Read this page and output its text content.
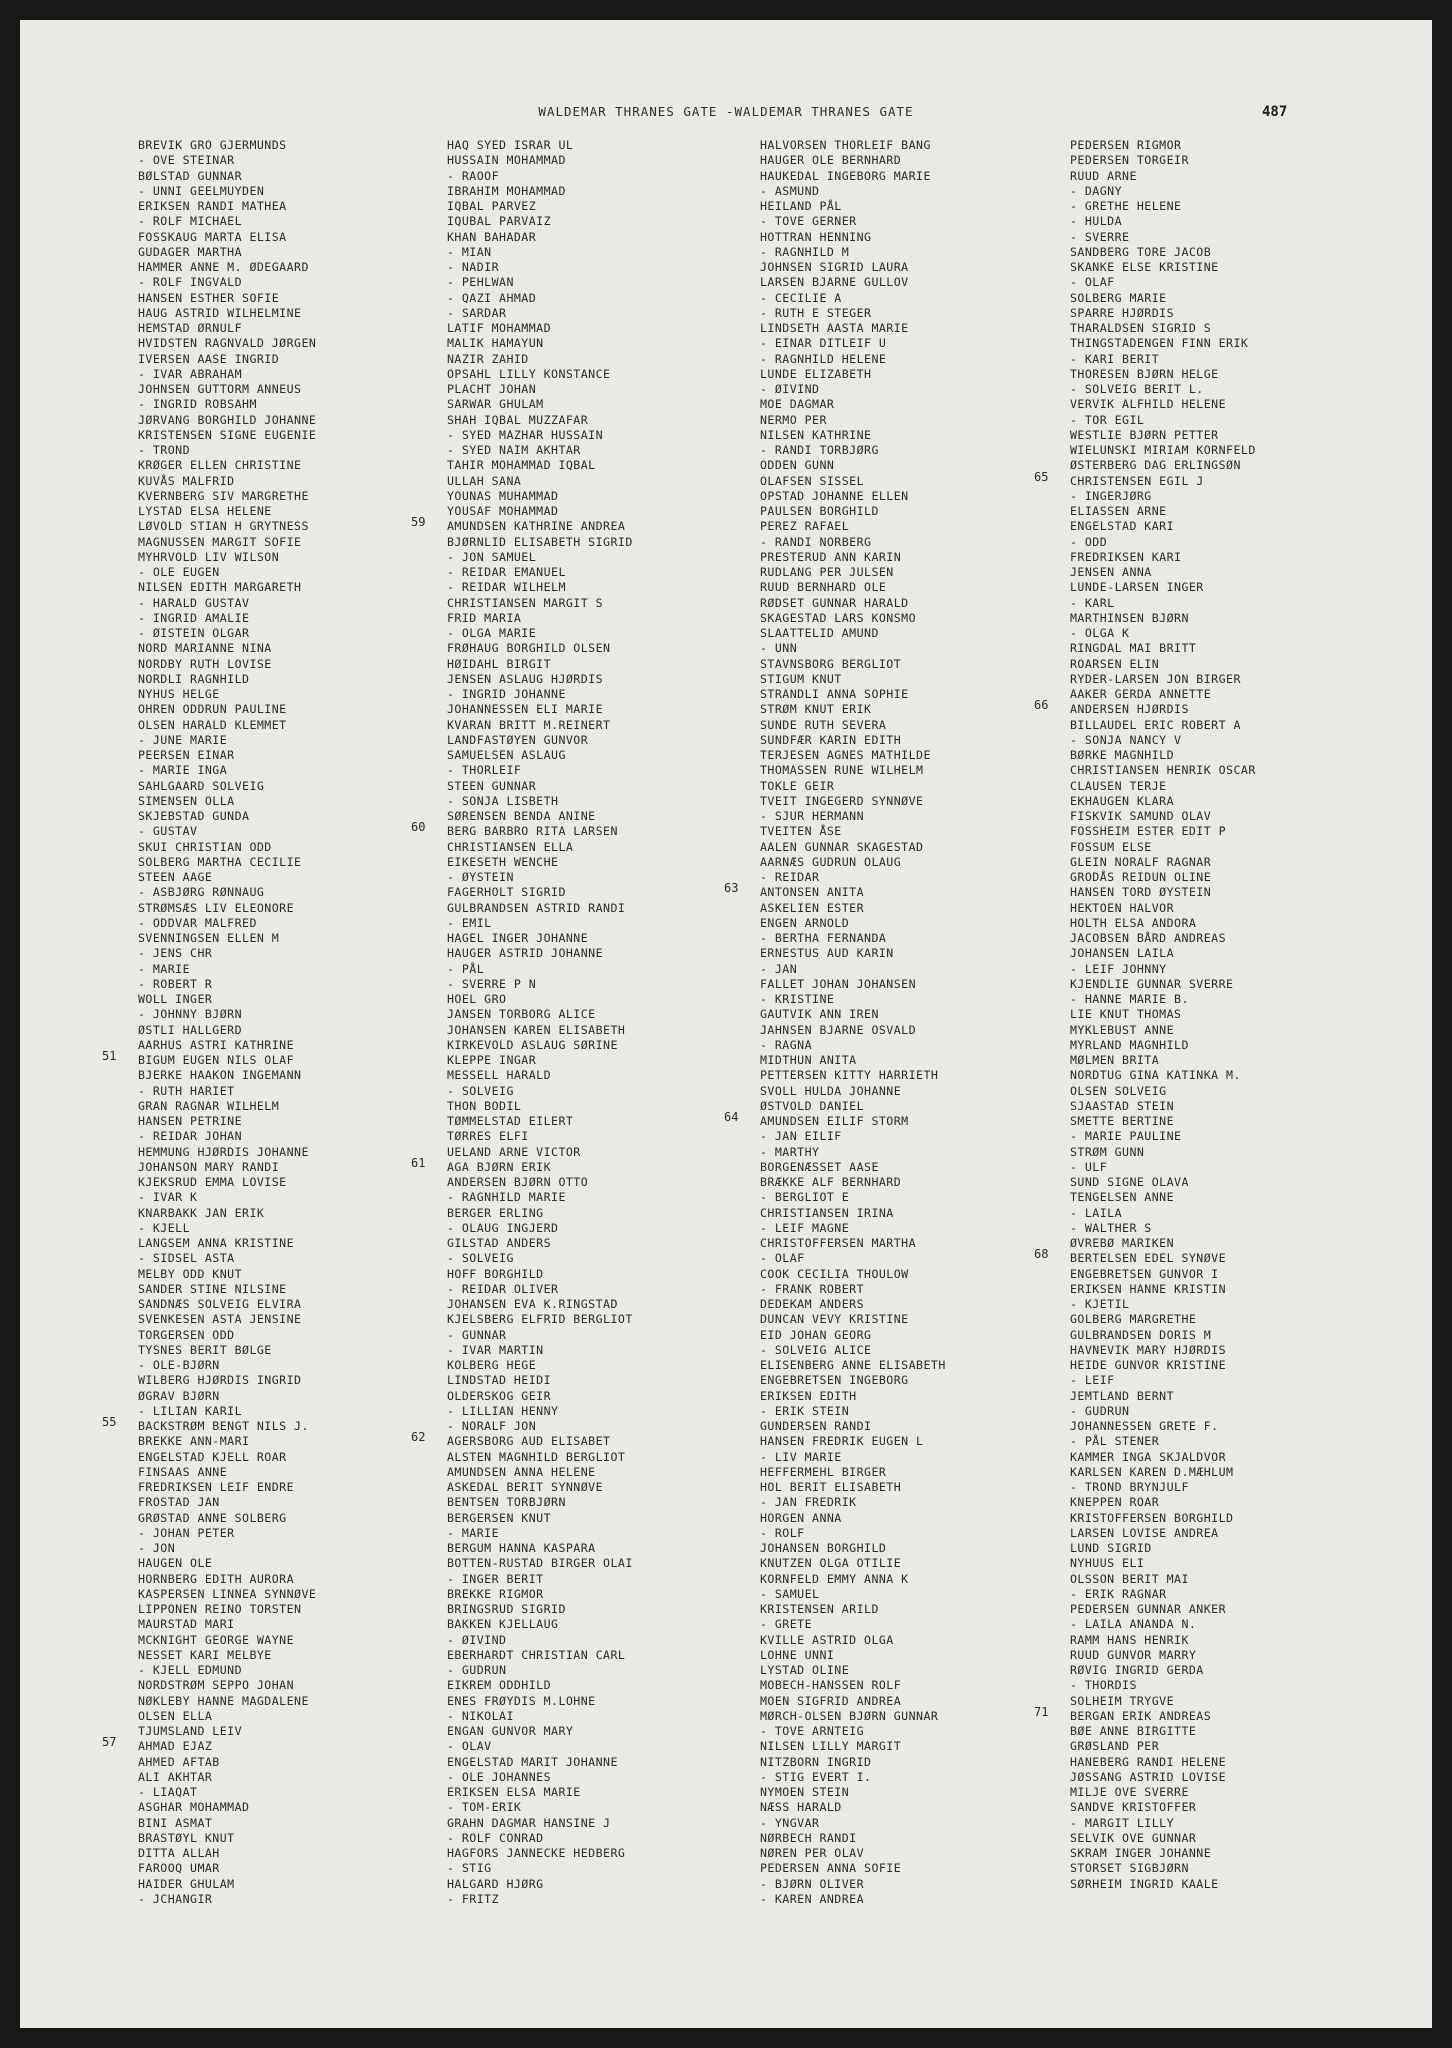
WALDEMAR THRANES GATE -WALDEMAR THRANES GATE	487
BREVIK GRO GJERMUNDS
- OVE STEINAR
BØLSTAD GUNNAR
- UNNI GEELMUYDEN
ERIKSEN RANDI MATHEA
- ROLF MICHAEL
FOSSKAUG MARTA ELISA
GUDAGER MARTHA
HAMMER ANNE M. ØDEGAARD
- ROLF INGVALD
HANSEN ESTHER SOFIE
HAUG ASTRID WILHELMINE
HEMSTAD ØRNULF
HVIDSTEN RAGNVALD JØRGEN
IVERSEN AASE INGRID
- IVAR ABRAHAM
JOHNSEN GUTTORM ANNEUS
- INGRID ROBSAHM
JØRVANG BORGHILD JOHANNE
KRISTENSEN SIGNE EUGENIE
- TROND
KRØGER ELLEN CHRISTINE
KUVÅS MALFRID
KVERNBERG SIV MARGRETHE
LYSTAD ELSA HELENE
LØVOLD STIAN H GRYTNESS
MAGNUSSEN MARGIT SOFIE
MYHRVOLD LIV WILSON
- OLE EUGEN
NILSEN EDITH MARGARETH
- HARALD GUSTAV
- INGRID AMALIE
- ØISTEIN OLGAR
NORD MARIANNE NINA
NORDBY RUTH LOVISE
NORDLI RAGNHILD
NYHUS HELGE
OHREN ODDRUN PAULINE
OLSEN HARALD KLEMMET
- JUNE MARIE
PEERSEN EINAR
- MARIE INGA
SAHLGAARD SOLVEIG
SIMENSEN OLLA
SKJEBSTAD GUNDA
- GUSTAV
SKUI CHRISTIAN ODD
SOLBERG MARTHA CECILIE
STEEN AAGE
- ASBJØRG RØNNAUG
STRØMSÆS LIV ELEONORE
- ODDVAR MALFRED
SVENNINGSEN ELLEN M
- JENS CHR
- MARIE
- ROBERT R
WOLL INGER
- JOHNNY BJØRN
ØSTLI HALLGERD
AARHUS ASTRI KATHRINE
51 BIGUM EUGEN NILS OLAF
BJERKE HAAKON INGEMANN
- RUTH HARIET
GRAN RAGNAR WILHELM
HANSEN PETRINE
- REIDAR JOHAN
HEMMUNG HJØRDIS JOHANNE
JOHANSON MARY RANDI
KJEKSRUD EMMA LOVISE
- IVAR K
KNARBAKK JAN ERIK
- KJELL
LANGSEM ANNA KRISTINE
- SIDSEL ASTA
MELBY ODD KNUT
SANDER STINE NILSINE
SANDNÆS SOLVEIG ELVIRA
SVENKESEN ASTA JENSINE
TORGERSEN ODD
TYSNES BERIT BØLGE
- OLE-BJØRN
WILBERG HJØRDIS INGRID
ØGRAV BJØRN
- LILIAN KARIL
55 BACKSTRØM BENGT NILS J.
BREKKE ANN-MARI
ENGELSTAD KJELL ROAR
FINSAAS ANNE
FREDRIKSEN LEIF ENDRE
FROSTAD JAN
GRØSTAD ANNE SOLBERG
- JOHAN PETER
- JON
HAUGEN OLE
HORNBERG EDITH AURORA
KASPERSEN LINNEA SYNNØVE
LIPPONEN REINO TORSTEN
MAURSTAD MARI
MCKNIGHT GEORGE WAYNE
NESSET KARI MELBYE
- KJELL EDMUND
NORDSTRØM SEPPO JOHAN
NØKLEBY HANNE MAGDALENE
OLSEN ELLA
TJUMSLAND LEIV
57 AHMAD EJAZ
AHMED AFTAB
ALI AKHTAR
- LIAQAT
ASGHAR MOHAMMAD
BINI ASMAT
BRASTØYL KNUT
DITTA ALLAH
FAROOQ UMAR
HAIDER GHULAM
- JCHANGIR
HAQ SYED ISRAR UL
HUSSAIN MOHAMMAD
- RAOOF
IBRAHIM MOHAMMAD
IQBAL PARVEZ
IQUBAL PARVAIZ
KHAN BAHADAR
- MIAN
- NADIR
- PEHLWAN
- QAZI AHMAD
- SARDAR
LATIF MOHAMMAD
MALIK HAMAYUN
NAZIR ZAHID
OPSAHL LILLY KONSTANCE
PLACHT JOHAN
SARWAR GHULAM
SHAH IQBAL MUZZAFAR
- SYED MAZHAR HUSSAIN
- SYED NAIM AKHTAR
TAHIR MOHAMMAD IQBAL
ULLAH SANA
YOUNAS MUHAMMAD
YOUSAF MOHAMMAD
59 AMUNDSEN KATHRINE ANDREA
BJØRNLID ELISABETH SIGRID
- JON SAMUEL
- REIDAR EMANUEL
- REIDAR WILHELM
CHRISTIANSEN MARGIT S
FRID MARIA
- OLGA MARIE
FRØHAUG BORGHILD OLSEN
HØIDAHL BIRGIT
JENSEN ASLAUG HJØRDIS
- INGRID JOHANNE
JOHANNESSEN ELI MARIE
KVARAN BRITT M.REINERT
LANDFASTØYEN GUNVOR
SAMUELSEN ASLAUG
- THORLEIF
STEEN GUNNAR
- SONJA LISBETH
SØRENSEN BENDA ANINE
60 BERG BARBRO RITA LARSEN
CHRISTIANSEN ELLA
EIKESETH WENCHE
- ØYSTEIN
FAGERHOLT SIGRID
GULBRANDSEN ASTRID RANDI
- EMIL
HAGEL INGER JOHANNE
HAUGER ASTRID JOHANNE
- PÅL
- SVERRE P N
HOEL GRO
JANSEN TORBORG ALICE
JOHANSEN KAREN ELISABETH
KIRKEVOLD ASLAUG SØRINE
KLEPPE INGAR
MESSELL HARALD
- SOLVEIG
THON BODIL
TØMMELSTAD EILERT
TØRRES ELFI
UELAND ARNE VICTOR
61 AGA BJØRN ERIK
ANDERSEN BJØRN OTTO
- RAGNHILD MARIE
BERGER ERLING
- OLAUG INGJERD
GILSTAD ANDERS
- SOLVEIG
HOFF BORGHILD
- REIDAR OLIVER
JOHANSEN EVA K.RINGSTAD
KJELSBERG ELFRID BERGLIOT
- GUNNAR
- IVAR MARTIN
KOLBERG HEGE
LINDSTAD HEIDI
OLDERSKOG GEIR
- LILLIAN HENNY
- NORALF JON
62 AGERSBORG AUD ELISABET
ALSTEN MAGNHILD BERGLIOT
AMUNDSEN ANNA HELENE
ASKEDAL BERIT SYNNØVE
BENTSEN TORBJØRN
BERGERSEN KNUT
- MARIE
BERGUM HANNA KASPARA
BOTTEN-RUSTAD BIRGER OLAI
- INGER BERIT
BREKKE RIGMOR
BRINGSRUD SIGRID
BAKKEN KJELLAUG
- ØIVIND
EBERHARDT CHRISTIAN CARL
- GUDRUN
EIKREM ODDHILD
ENES FRØYDIS M.LOHNE
- NIKOLAI
ENGAN GUNVOR MARY
- OLAV
ENGELSTAD MARIT JOHANNE
- OLE JOHANNES
ERIKSEN ELSA MARIE
- TOM-ERIK
GRAHN DAGMAR HANSINE J
- ROLF CONRAD
HAGFORS JANNECKE HEDBERG
- STIG
HALGARD HJØRG
- FRITZ
HALVORSEN THORLEIF BANG
HAUGER OLE BERNHARD
HAUKEDAL INGEBORG MARIE
- ASMUND
HEILAND PÅL
- TOVE GERNER
HOTTRAN HENNING
- RAGNHILD M
JOHNSEN SIGRID LAURA
LARSEN BJARNE GULLOV
- CECILIE A
- RUTH E STEGER
LINDSETH AASTA MARIE
- EINAR DITLEIF U
- RAGNHILD HELENE
LUNDE ELIZABETH
- ØIVIND
MOE DAGMAR
NERMO PER
NILSEN KATHRINE
- RANDI TORBJØRG
ODDEN GUNN
OLAFSEN SISSEL
OPSTAD JOHANNE ELLEN
PAULSEN BORGHILD
PEREZ RAFAEL
- RANDI NORBERG
PRESTERUD ANN KARIN
RUDLANG PER JULSEN
RUUD BERNHARD OLE
RØDSET GUNNAR HARALD
SKAGESTAD LARS KONSMO
SLAATTELID AMUND
- UNN
STAVNSBORG BERGLIOT
STIGUM KNUT
STRANDLI ANNA SOPHIE
STRØM KNUT ERIK
SUNDE RUTH SEVERA
SUNDFÆR KARIN EDITH
TERJESEN AGNES MATHILDE
THOMASSEN RUNE WILHELM
TOKLE GEIR
TVEIT INGEGERD SYNNØVE
- SJUR HERMANN
TVEITEN ÅSE
AALEN GUNNAR SKAGESTAD
AARNÆS GUDRUN OLAUG
- REIDAR
63 ANTONSEN ANITA
ASKELIEN ESTER
ENGEN ARNOLD
- BERTHA FERNANDA
ERNESTUS AUD KARIN
- JAN
FALLET JOHAN JOHANSEN
- KRISTINE
GAUTVIK ANN IREN
JAHNSEN BJARNE OSVALD
- RAGNA
MIDTHUN ANITA
PETTERSEN KITTY HARRIETH
SVOLL HULDA JOHANNE
ØSTVOLD DANIEL
64 AMUNDSEN EILIF STORM
- JAN EILIF
- MARTHY
BORGENÆSSET AASE
BRÆKKE ALF BERNHARD
- BERGLIOT E
CHRISTIANSEN IRINA
- LEIF MAGNE
CHRISTOFFERSEN MARTHA
- OLAF
COOK CECILIA THOULOW
- FRANK ROBERT
DEDEKAM ANDERS
DUNCAN VEVY KRISTINE
EID JOHAN GEORG
- SOLVEIG ALICE
ELISENBERG ANNE ELISABETH
ENGEBRETSEN INGEBORG
ERIKSEN EDITH
- ERIK STEIN
GUNDERSEN RANDI
HANSEN FREDRIK EUGEN L
- LIV MARIE
HEFFERMEHL BIRGER
HOL BERIT ELISABETH
- JAN FREDRIK
HORGEN ANNA
- ROLF
JOHANSEN BORGHILD
KNUTZEN OLGA OTILIE
KORNFELD EMMY ANNA K
- SAMUEL
KRISTENSEN ARILD
- GRETE
KVILLE ASTRID OLGA
LOHNE UNNI
LYSTAD OLINE
MOBECH-HANSSEN ROLF
MOEN SIGFRID ANDREA
MØRCH-OLSEN BJØRN GUNNAR
- TOVE ARNTEIG
NILSEN LILLY MARGIT
NITZBORN INGRID
- STIG EVERT I.
NYMOEN STEIN
NÆSS HARALD
- YNGVAR
NØRBECH RANDI
NØREN PER OLAV
PEDERSEN ANNA SOFIE
- BJØRN OLIVER
- KAREN ANDREA
PEDERSEN RIGMOR
PEDERSEN TORGEIR
RUUD ARNE
- DAGNY
- GRETHE HELENE
- HULDA
- SVERRE
SANDBERG TORE JACOB
SKANKE ELSE KRISTINE
- OLAF
SOLBERG MARIE
SPARRE HJØRDIS
THARALDSEN SIGRID S
THINGSTADENGEN FINN ERIK
- KARI BERIT
THORESEN BJØRN HELGE
- SOLVEIG BERIT L.
VERVIK ALFHILD HELENE
- TOR EGIL
WESTLIE BJØRN PETTER
WIELUNSKI MIRIAM KORNFELD
ØSTERBERG DAG ERLINGSØN
65 CHRISTENSEN EGIL J
- INGERJØRG
ELIASSEN ARNE
ENGELSTAD KARI
- ODD
FREDRIKSEN KARI
JENSEN ANNA
LUNDE-LARSEN INGER
- KARL
MARTHINSEN BJØRN
- OLGA K
RINGDAL MAI BRITT
ROARSEN ELIN
RYDER-LARSEN JON BIRGER
AAKER GERDA ANNETTE
66 ANDERSEN HJØRDIS
BILLAUDEL ERIC ROBERT A
- SONJA NANCY V
BØRKE MAGNHILD
CHRISTIANSEN HENRIK OSCAR
CLAUSEN TERJE
EKHAUGEN KLARA
FISKVIK SAMUND OLAV
FOSSHEIM ESTER EDIT P
FOSSUM ELSE
GLEIN NORALF RAGNAR
GRODÅS REIDUN OLINE
HANSEN TORD ØYSTEIN
HEKTOEN HALVOR
HOLTH ELSA ANDORA
JACOBSEN BÅRD ANDREAS
JOHANSEN LAILA
- LEIF JOHNNY
KJENDLIE GUNNAR SVERRE
- HANNE MARIE B.
LIE KNUT THOMAS
MYKLEBUST ANNE
MYRLAND MAGNHILD
MØLMEN BRITA
NORDTUG GINA KATINKA M.
OLSEN SOLVEIG
SJAASTAD STEIN
SMETTE BERTINE
- MARIE PAULINE
STRØM GUNN
- ULF
SUND SIGNE OLAVA
TENGELSEN ANNE
- LAILA
- WALTHER S
ØVREBØ MARIKEN
68 BERTELSEN EDEL SYNØVE
ENGEBRETSEN GUNVOR I
ERIKSEN HANNE KRISTIN
- KJETIL
GOLBERG MARGRETHE
GULBRANDSEN DORIS M
HAVNEVIK MARY HJØRDIS
HEIDE GUNVOR KRISTINE
- LEIF
JEMTLAND BERNT
- GUDRUN
JOHANNESSEN GRETE F.
- PÅL STENER
KAMMER INGA SKJALDVOR
KARLSEN KAREN D.MÆHLUM
- TROND BRYNJULF
KNEPPEN ROAR
KRISTOFFERSEN BORGHILD
LARSEN LOVISE ANDREA
LUND SIGRID
NYHUUS ELI
OLSSON BERIT MAI
- ERIK RAGNAR
PEDERSEN GUNNAR ANKER
- LAILA ANANDA N.
RAMM HANS HENRIK
RUUD GUNVOR MARRY
RØVIG INGRID GERDA
- THORDIS
SOLHEIM TRYGVE
71 BERGAN ERIK ANDREAS
BØE ANNE BIRGITTE
GRØSLAND PER
HANEBERG RANDI HELENE
JØSSANG ASTRID LOVISE
MILJE OVE SVERRE
SANDVE KRISTOFFER
- MARGIT LILLY
SELVIK OVE GUNNAR
SKRAM INGER JOHANNE
STORSET SIGBJØRN
SØRHEIM INGRID KAALE
